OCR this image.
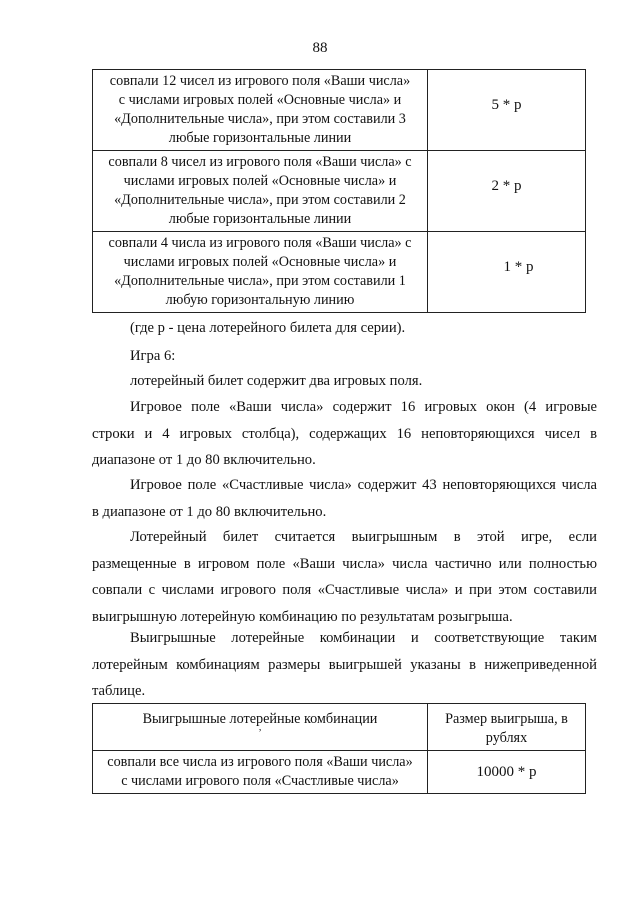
88
совпали 12 чисел из игрового поля «Ваши числа»
с числами игровых полей «Основные числа» и
«Дополнительные числа», при этом составили 3
любые горизонтальные линии	5 * р
совпали 8 чисел из игрового поля «Ваши числа» с
числами игровых полей «Основные числа» и
«Дополнительные числа», при этом составили 2
любые горизонтальные линии	2 * р
совпали 4 числа из игрового поля «Ваши числа» с
числами игровых полей «Основные числа» и
«Дополнительные числа», при этом составили 1
любую горизонтальную линию	1 * р
(где р - цена лотерейного билета для серии).
Игра 6:
лотерейный билет содержит два игровых поля.
Игровое поле «Ваши числа» содержит 16 игровых окон (4 игровые
строки и 4 игровых столбца), содержащих 16 неповторяющихся чисел в
диапазоне от 1 до 80 включительно.
Игровое поле «Счастливые числа» содержит 43 неповторяющихся числа
в диапазоне от 1 до 80 включительно.
Лотерейный билет считается выигрышным в этой игре, если
размещенные в игровом поле «Ваши числа» числа частично или полностью
совпали с числами игрового поля «Счастливые числа» и при этом составили
выигрышную лотерейную комбинацию по результатам розыгрыша.
Выигрышные лотерейные комбинации и соответствующие таким
лотерейным комбинациям размеры выигрышей указаны в нижеприведенной
таблице.
Выигрышные лотерейные комбинации
ʼ	Размер выигрыша, в
рублях
совпали все числа из игрового поля «Ваши числа»
с числами игрового поля «Счастливые числа»	10000 * р
